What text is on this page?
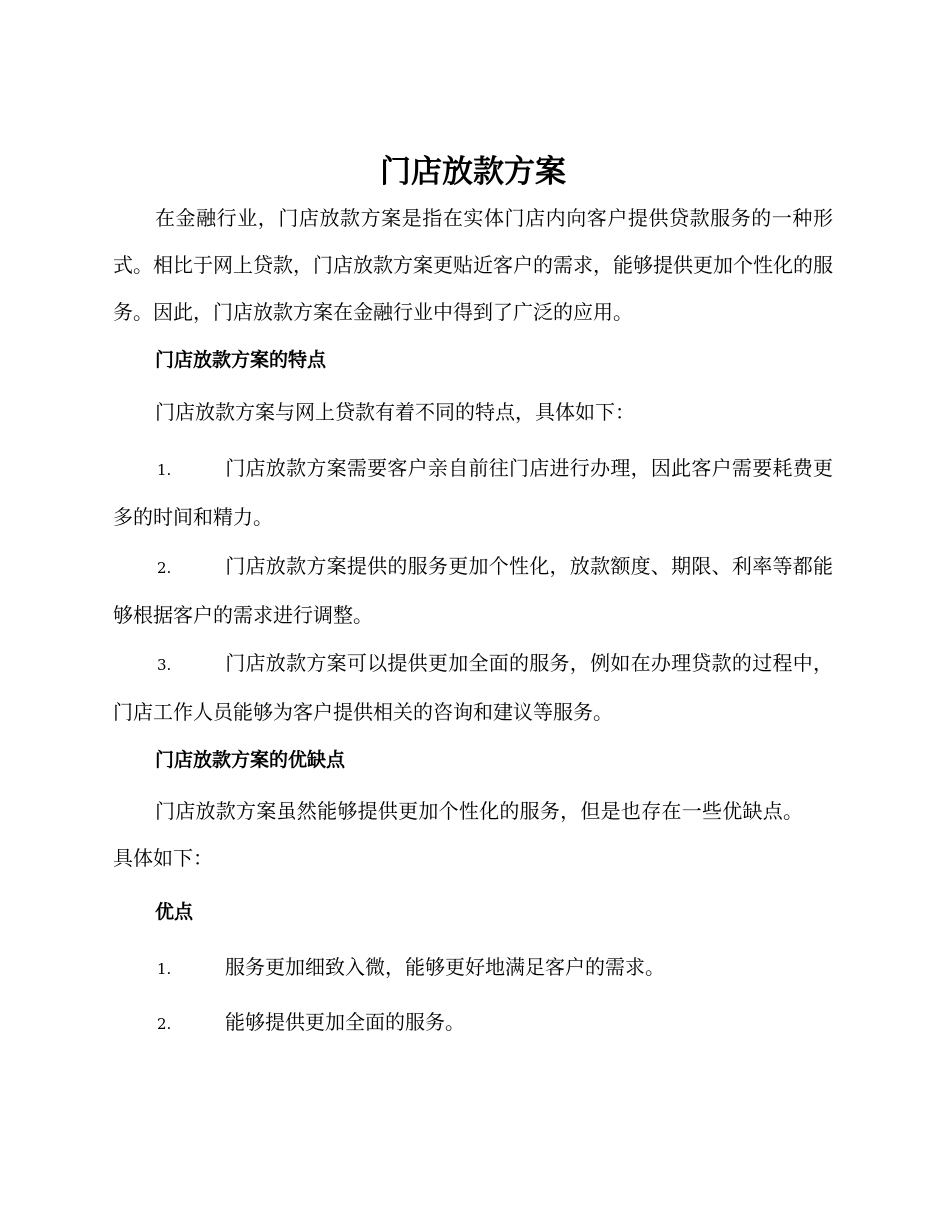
门店放款方案

在金融行业，门店放款方案是指在实体门店内向客户提供贷款服务的一种形式。相比于网上贷款，门店放款方案更贴近客户的需求，能够提供更加个性化的服务。因此，门店放款方案在金融行业中得到了广泛的应用。

门店放款方案的特点

门店放款方案与网上贷款有着不同的特点，具体如下：

1.	门店放款方案需要客户亲自前往门店进行办理，因此客户需要耗费更多的时间和精力。

2.	门店放款方案提供的服务更加个性化，放款额度、期限、利率等都能够根据客户的需求进行调整。

3.	门店放款方案可以提供更加全面的服务，例如在办理贷款的过程中，门店工作人员能够为客户提供相关的咨询和建议等服务。

门店放款方案的优缺点

门店放款方案虽然能够提供更加个性化的服务，但是也存在一些优缺点。具体如下：

优点

1.	服务更加细致入微，能够更好地满足客户的需求。

2.	能够提供更加全面的服务。
